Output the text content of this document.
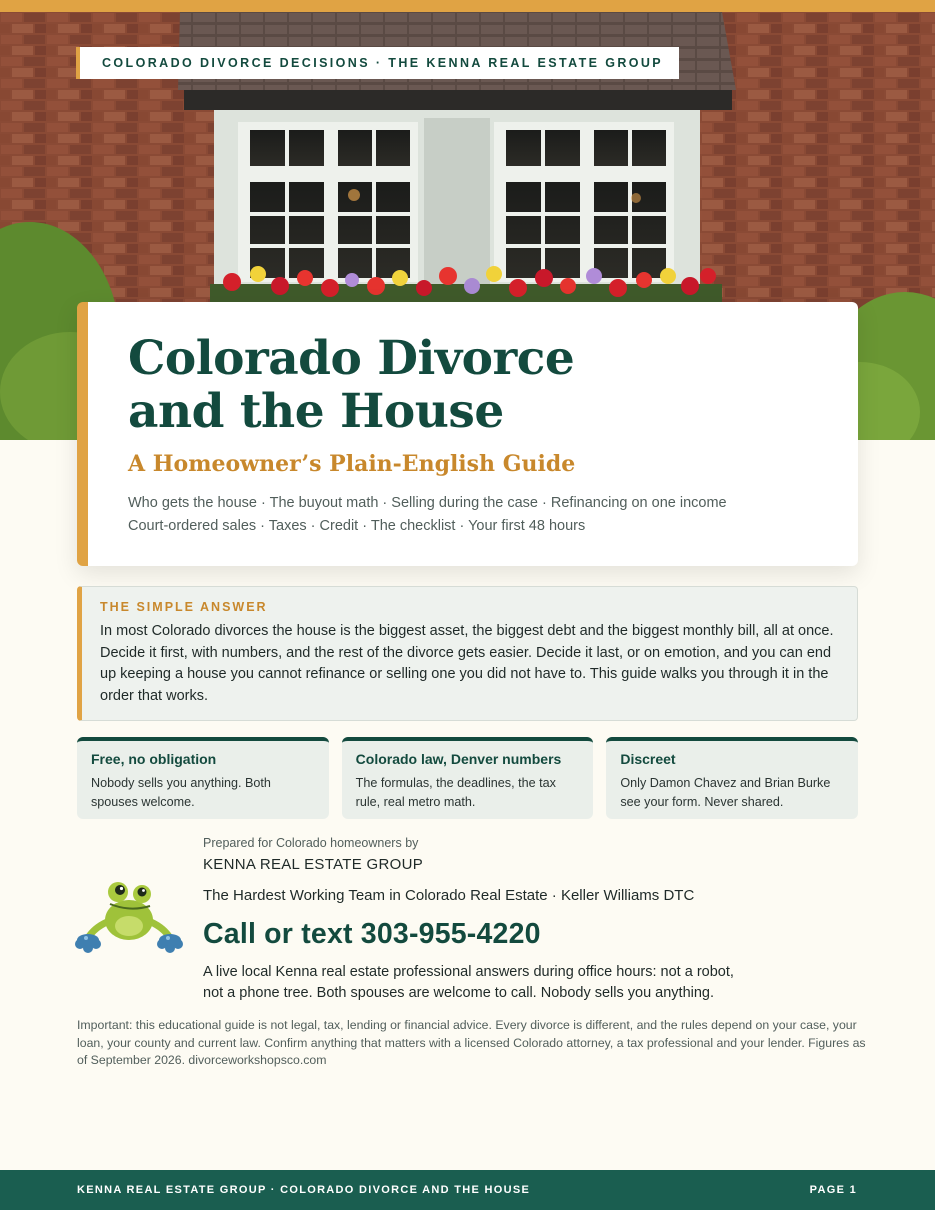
COLORADO DIVORCE DECISIONS · THE KENNA REAL ESTATE GROUP
Colorado Divorce
and the House
A Homeowner’s Plain-English Guide
Who gets the house · The buyout math · Selling during the case · Refinancing on one income
Court-ordered sales · Taxes · Credit · The checklist · Your first 48 hours
THE SIMPLE ANSWER
In most Colorado divorces the house is the biggest asset, the biggest debt and the biggest monthly bill, all at once. Decide it first, with numbers, and the rest of the divorce gets easier. Decide it last, or on emotion, and you can end up keeping a house you cannot refinance or selling one you did not have to. This guide walks you through it in the order that works.
Free, no obligation
Nobody sells you anything. Both spouses welcome.
Colorado law, Denver numbers
The formulas, the deadlines, the tax rule, real metro math.
Discreet
Only Damon Chavez and Brian Burke see your form. Never shared.
Prepared for Colorado homeowners by
KENNA REAL ESTATE GROUP
The Hardest Working Team in Colorado Real Estate · Keller Williams DTC
Call or text 303-955-4220
A live local Kenna real estate professional answers during office hours: not a robot,
not a phone tree. Both spouses are welcome to call. Nobody sells you anything.
Important: this educational guide is not legal, tax, lending or financial advice. Every divorce is different, and the rules depend on your case, your loan, your county and current law. Confirm anything that matters with a licensed Colorado attorney, a tax professional and your lender. Figures as of September 2026. divorceworkshopsco.com
KENNA REAL ESTATE GROUP · COLORADO DIVORCE AND THE HOUSE	PAGE 1
